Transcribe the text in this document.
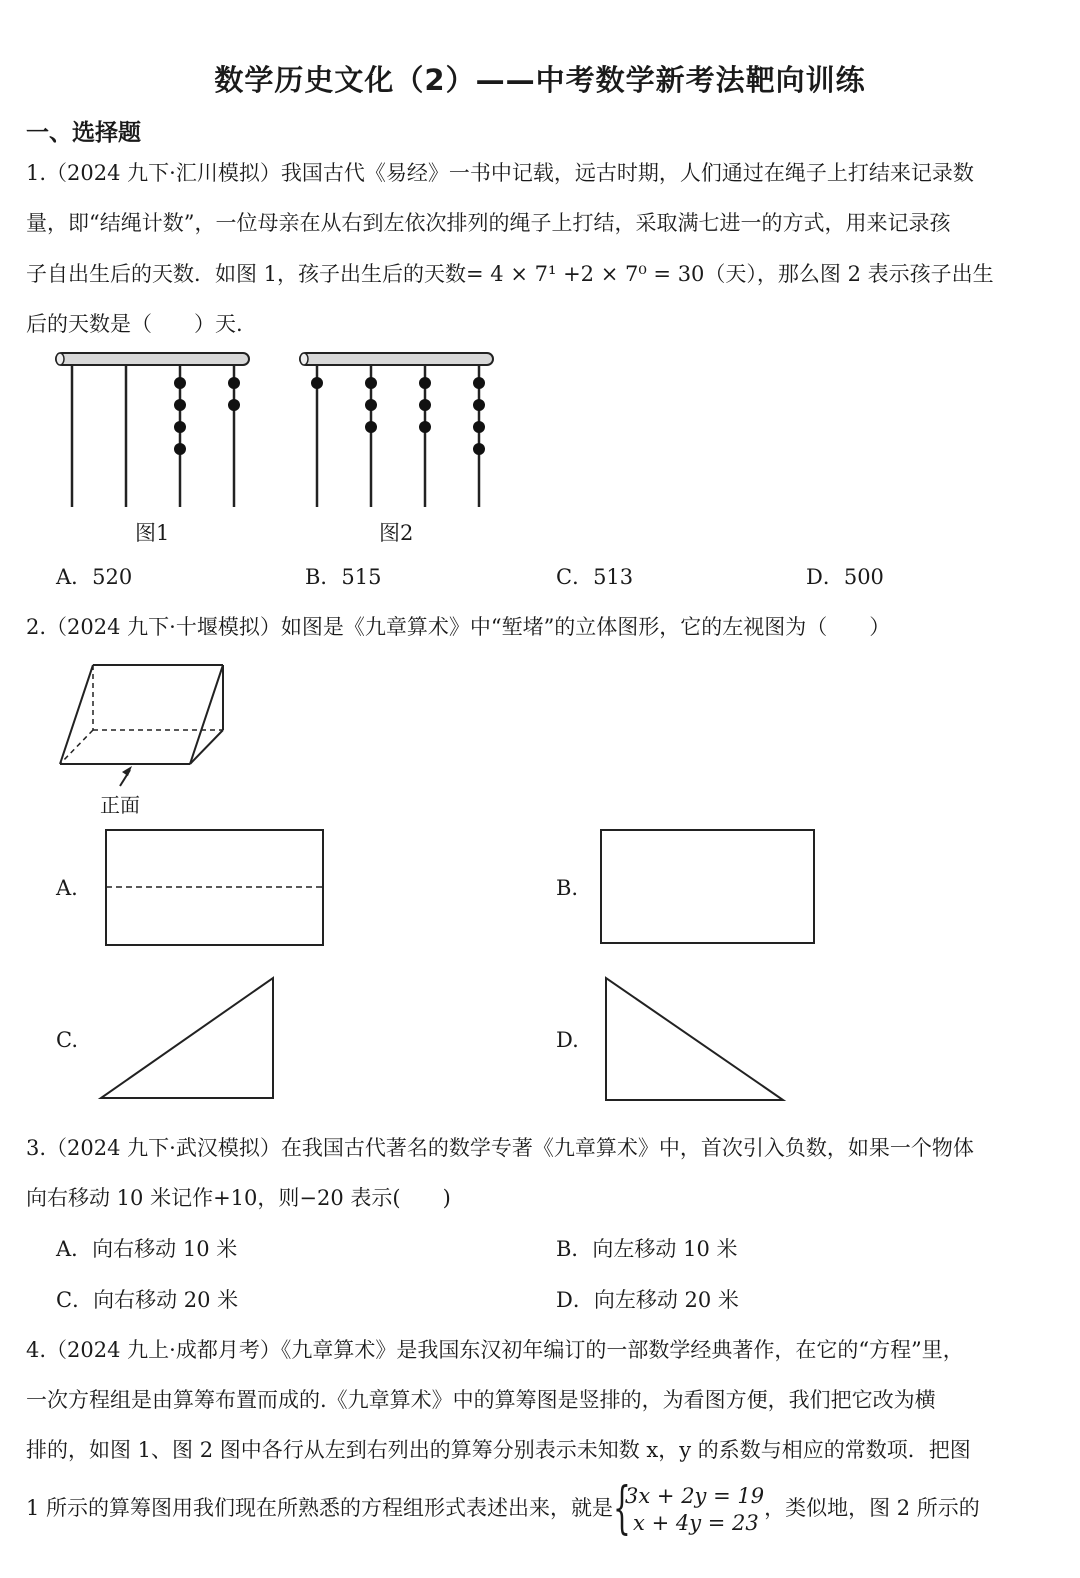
数学历史文化（2）——中考数学新考法靶向训练
一、选择题
1.（2024 九下·汇川模拟）我国古代《易经》一书中记载，远古时期，人们通过在绳子上打结来记录数
量，即“结绳计数”，一位母亲在从右到左依次排列的绳子上打结，采取满七进一的方式，用来记录孩
子自出生后的天数．如图 1，孩子出生后的天数= 4 × 7¹ +2 × 7⁰ = 30（天），那么图 2 表示孩子出生
后的天数是（　　）天.
图1	图2
A．520	B．515	C．513	D．500
2.（2024 九下·十堰模拟）如图是《九章算术》中“堑堵”的立体图形，它的左视图为（　　）
正面
A.	B.
C.	D.
3.（2024 九下·武汉模拟）在我国古代著名的数学专著《九章算术》中，首次引入负数，如果一个物体
向右移动 10 米记作+10，则−20 表示(　　)
A．向右移动 10 米	B．向左移动 10 米
C．向右移动 20 米	D．向左移动 20 米
4.（2024 九上·成都月考）《九章算术》是我国东汉初年编订的一部数学经典著作，在它的“方程”里，
一次方程组是由算筹布置而成的.《九章算术》中的算筹图是竖排的，为看图方便，我们把它改为横
排的，如图 1、图 2 图中各行从左到右列出的算筹分别表示未知数 x，y 的系数与相应的常数项．把图
1 所示的算筹图用我们现在所熟悉的方程组形式表述出来，就是 {
3x + 2y = 19
x + 4y = 23
，类似地，图 2 所示的
